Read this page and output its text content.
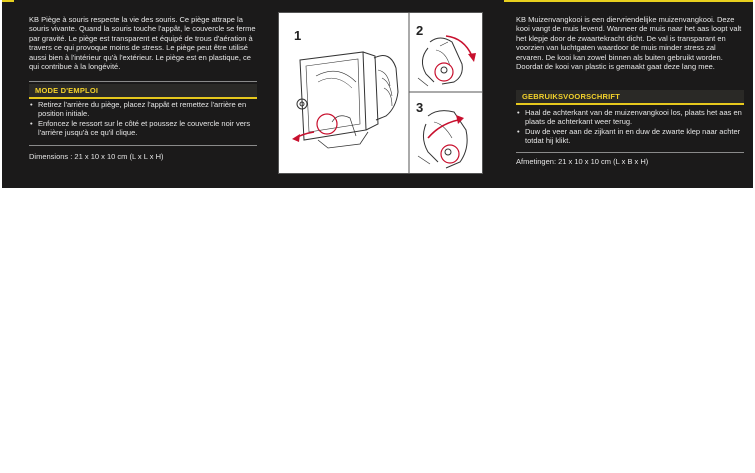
KB Piège à souris respecte la vie des souris. Ce piège attrape la souris vivante. Quand la souris touche l'appât, le couvercle se ferme par gravité. Le piège est transparent et équipé de trous d'aération à travers ce qui provoque moins de stress. Le piège peut être utilisé aussi bien à l'intérieur qu'à l'extérieur. Le piège est en plastique, ce qui contribue à la longévité.

MODE D'EMPLOI

• Retirez l'arrière du piège, placez l'appât et remettez l'arrière en position initiale.

• Enfoncez le ressort sur le côté et poussez le couvercle noir vers l'arrière jusqu'à ce qu'il clique.

Dimensions : 21 x 10 x 10 cm (L x L x H)
1	2
3

KB Muizenvangkooi is een diervriendelijke muizenvangkooi. Deze kooi vangt de muis levend. Wanneer de muis naar het aas loopt valt het klepje door de zwaartekracht dicht. De val is transparant en voorzien van luchtgaten waardoor de muis minder stress zal ervaren. De kooi kan zowel binnen als buiten gebruikt worden. Doordat de kooi van plastic is gemaakt gaat deze lang mee.

GEBRUIKSVOORSCHRIFT

• Haal de achterkant van de muizenvangkooi los, plaats het aas en plaats de achterkant weer terug.

• Duw de veer aan de zijkant in en duw de zwarte klep naar achter totdat hij klikt.

Afmetingen: 21 x 10 x 10 cm (L x B x H)
